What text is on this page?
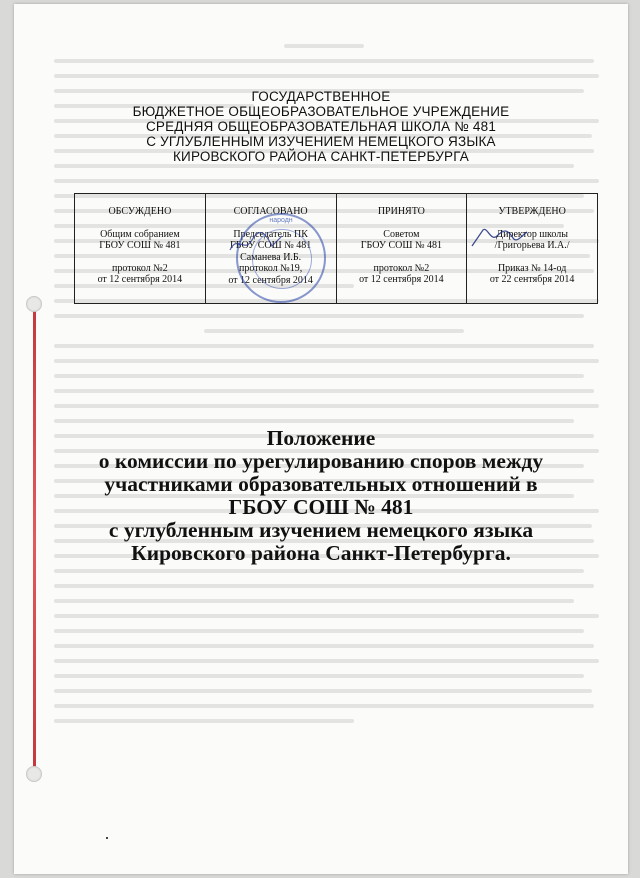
ГОСУДАРСТВЕННОЕ
БЮДЖЕТНОЕ ОБЩЕОБРАЗОВАТЕЛЬНОЕ УЧРЕЖДЕНИЕ
СРЕДНЯЯ ОБЩЕОБРАЗОВАТЕЛЬНАЯ ШКОЛА № 481
С УГЛУБЛЕННЫМ ИЗУЧЕНИЕМ НЕМЕЦКОГО ЯЗЫКА
КИРОВСКОГО РАЙОНА САНКТ-ПЕТЕРБУРГА
ОБСУЖДЕНО
Общим собранием
ГБОУ СОШ № 481
протокол №2
от 12 сентября 2014
СОГЛАСОВАНО
Председатель ПК
ГБОУ СОШ № 481
Саманева И.Б.
протокол №19,
от 12 сентября 2014
ПРИНЯТО
Советом
ГБОУ СОШ № 481
протокол №2
от 12 сентября 2014
УТВЕРЖДЕНО
Директор школы
/Григорьева И.А./
Приказ № 14-од
от 22 сентября 2014
народн
Положение
о комиссии по урегулированию споров между
участниками образовательных отношений в
ГБОУ СОШ № 481
с углубленным изучением немецкого языка
Кировского района Санкт-Петербурга.
